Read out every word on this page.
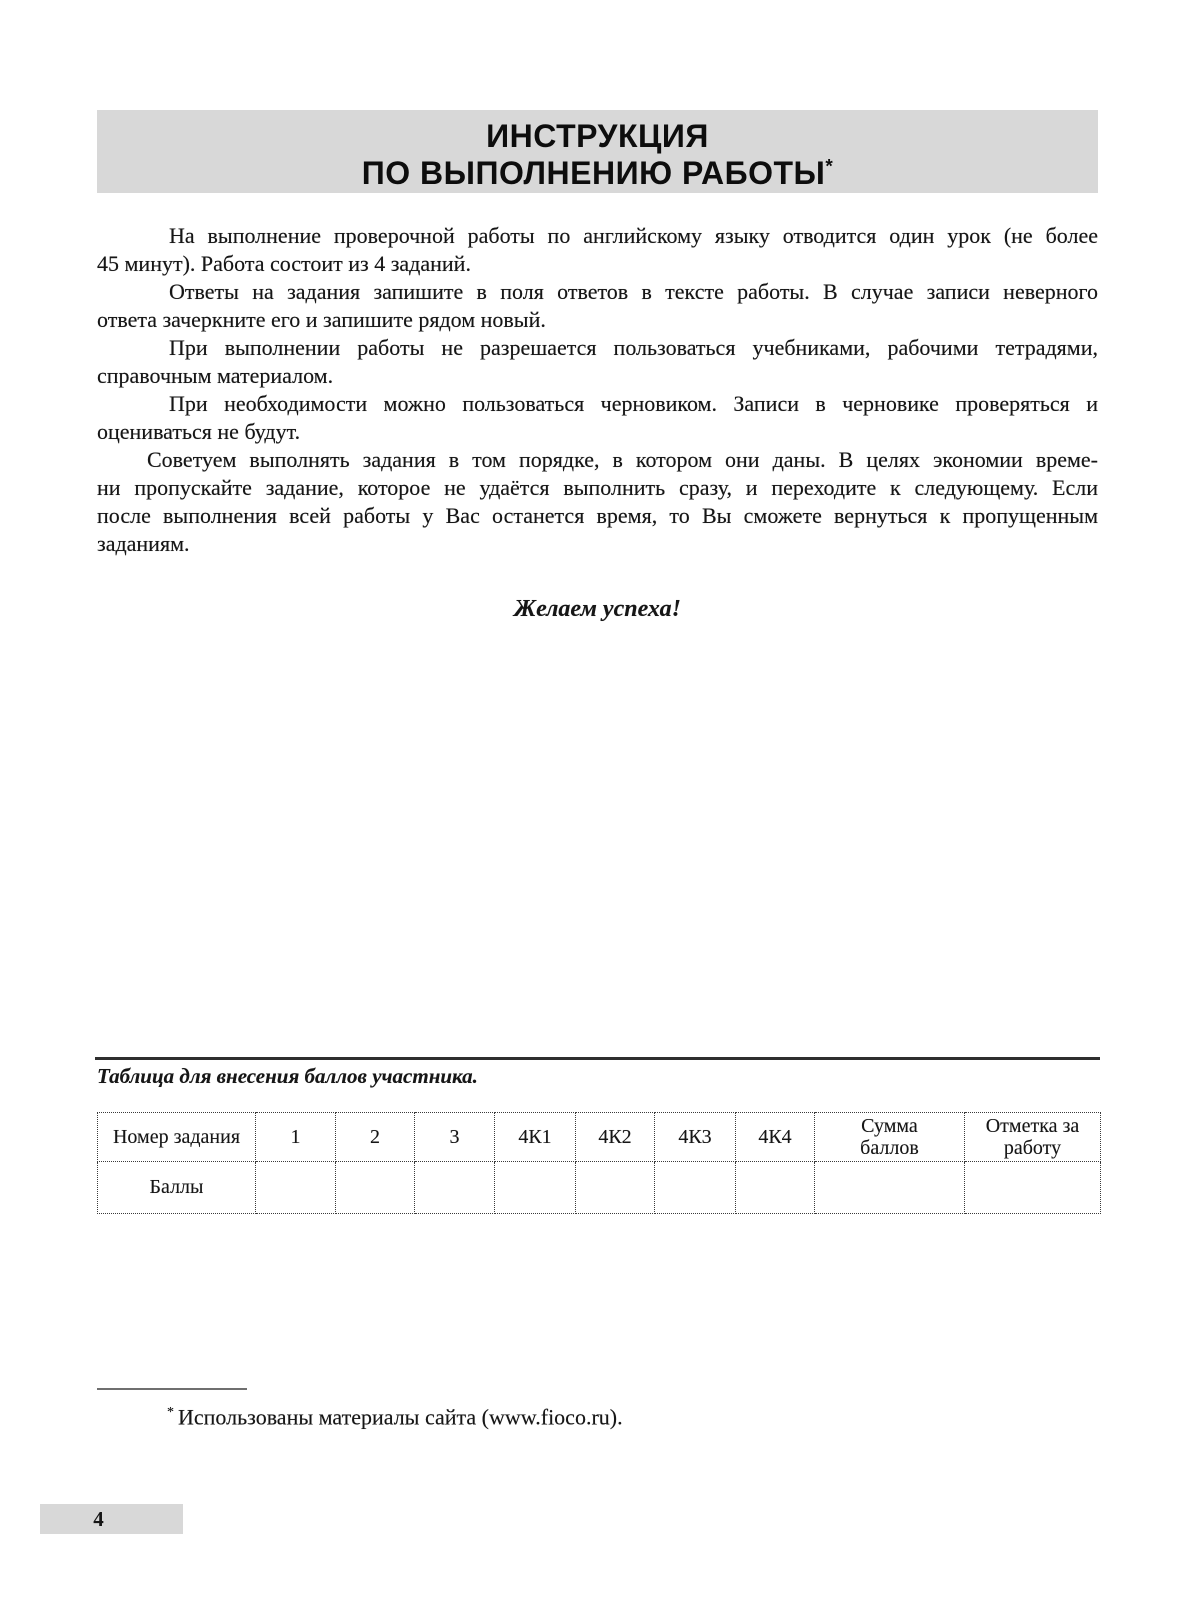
ИНСТРУКЦИЯ
ПО ВЫПОЛНЕНИЮ РАБОТЫ*
На выполнение проверочной работы по английскому языку отводится один урок (не более
45 минут). Работа состоит из 4 заданий.
Ответы на задания запишите в поля ответов в тексте работы. В случае записи неверного
ответа зачеркните его и запишите рядом новый.
При выполнении работы не разрешается пользоваться учебниками, рабочими тетрадями,
справочным материалом.
При необходимости можно пользоваться черновиком. Записи в черновике проверяться и
оцениваться не будут.
Советуем выполнять задания в том порядке, в котором они даны. В целях экономии време-
ни пропускайте задание, которое не удаётся выполнить сразу, и переходите к следующему. Если
после выполнения всей работы у Вас останется время, то Вы сможете вернуться к пропущенным
заданиям.
Желаем успеха!
Таблица для внесения баллов участника.
Номер задания	1	2	3	4К1	4К2	4К3	4К4	Сумма баллов	Отметка за работу
Баллы									
* Использованы материалы сайта (www.fioco.ru).
4
